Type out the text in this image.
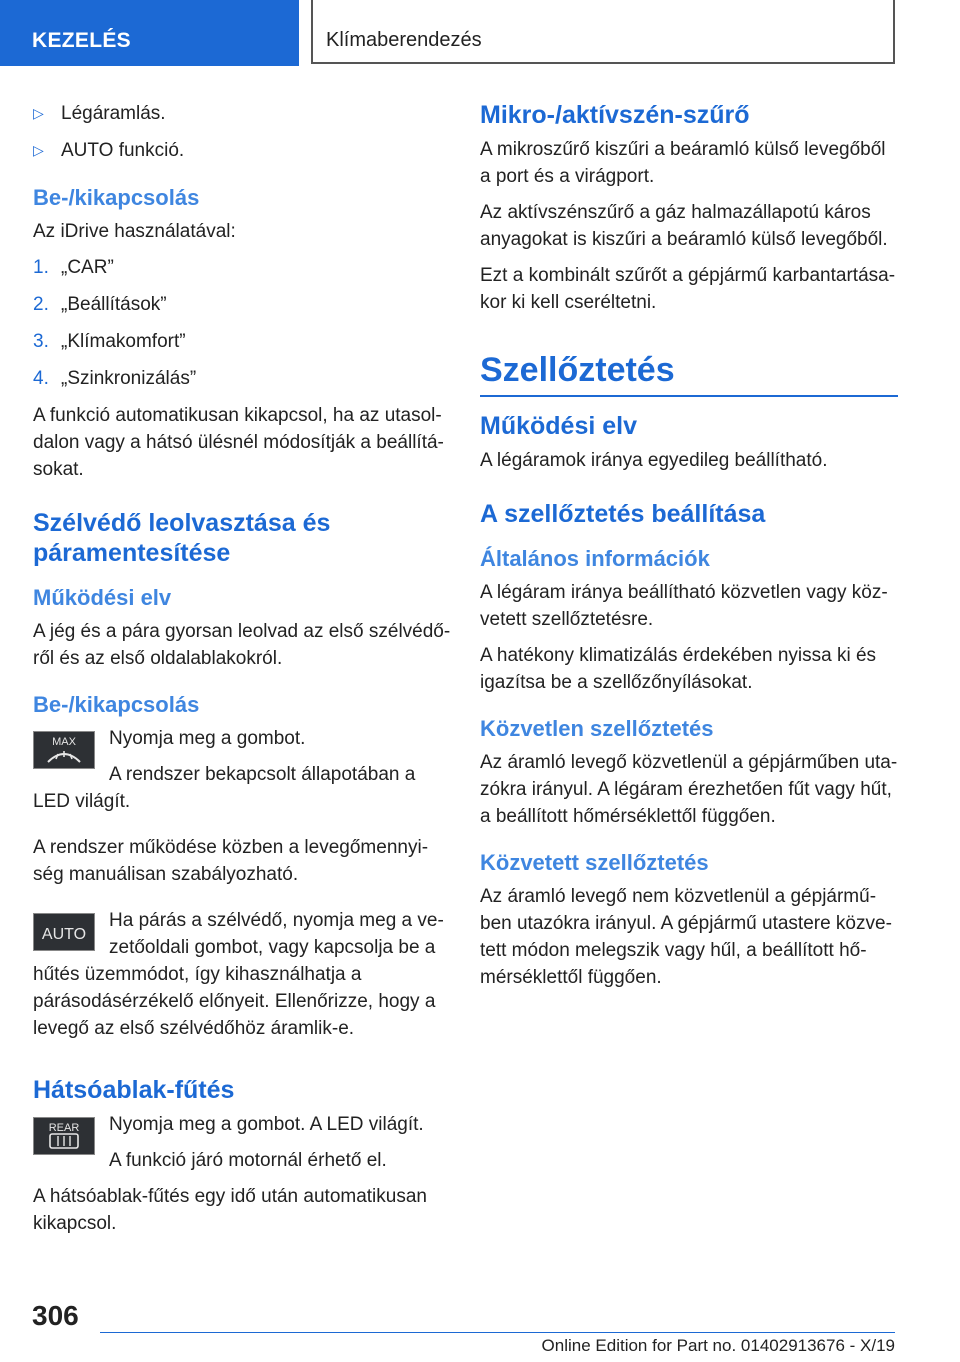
KEZELÉS	Klímaberendezés
▷ Légáramlás.
▷ AUTO funkció.
Be-/kikapcsolás

Az iDrive használatával:

1. „CAR”
2. „Beállítások”
3. „Klímakomfort”
4. „Szinkronizálás”

A funkció automatikusan kikapcsol, ha az utasoldalon vagy a hátsó ülésnél módosítják a beállításokat.

Szélvédő leolvasztása és páramentesítése
Működési elv

A jég és a pára gyorsan leolvad az első szélvédőről és az első oldalablakokról.

Be-/kikapcsolás
MAX	Nyomja meg a gombot.

A rendszer bekapcsolt állapotában a LED világít.

A rendszer működése közben a levegőmennyiség manuálisan szabályozható.

AUTO

Ha párás a szélvédő, nyomja meg a vezetőoldali gombot, vagy kapcsolja be a hűtés üzemmódot, így kihasználhatja a párásodásérzékelő előnyeit. Ellenőrizze, hogy a levegő az első szélvédőhöz áramlik-e.

Hátsóablak-fűtés
REAR	Nyomja meg a gombot. A LED világít.

A funkció járó motornál érhető el.

A hátsóablak-fűtés egy idő után automatikusan kikapcsol.

Mikro-/aktívszén-szűrő

A mikroszűrő kiszűri a beáramló külső levegőből a port és a virágport.

Az aktívszénszűrő a gáz halmazállapotú káros anyagokat is kiszűri a beáramló külső levegőből.

Ezt a kombinált szűrőt a gépjármű karbantartásakor ki kell cseréltetni.

Szellőztetés
Működési elv

A légáramok iránya egyedileg beállítható.

A szellőztetés beállítása
Általános információk

A légáram iránya beállítható közvetlen vagy közvetett szellőztetésre.

A hatékony klimatizálás érdekében nyissa ki és igazítsa be a szellőzőnyílásokat.

Közvetlen szellőztetés

Az áramló levegő közvetlenül a gépjárműben utazókra irányul. A légáram érezhetően fűt vagy hűt, a beállított hőmérséklettől függően.

Közvetett szellőztetés

Az áramló levegő nem közvetlenül a gépjárműben utazókra irányul. A gépjármű utastere közvetett módon melegszik vagy hűl, a beállított hőmérséklettől függően.

306
Online Edition for Part no. 01402913676 - X/19
